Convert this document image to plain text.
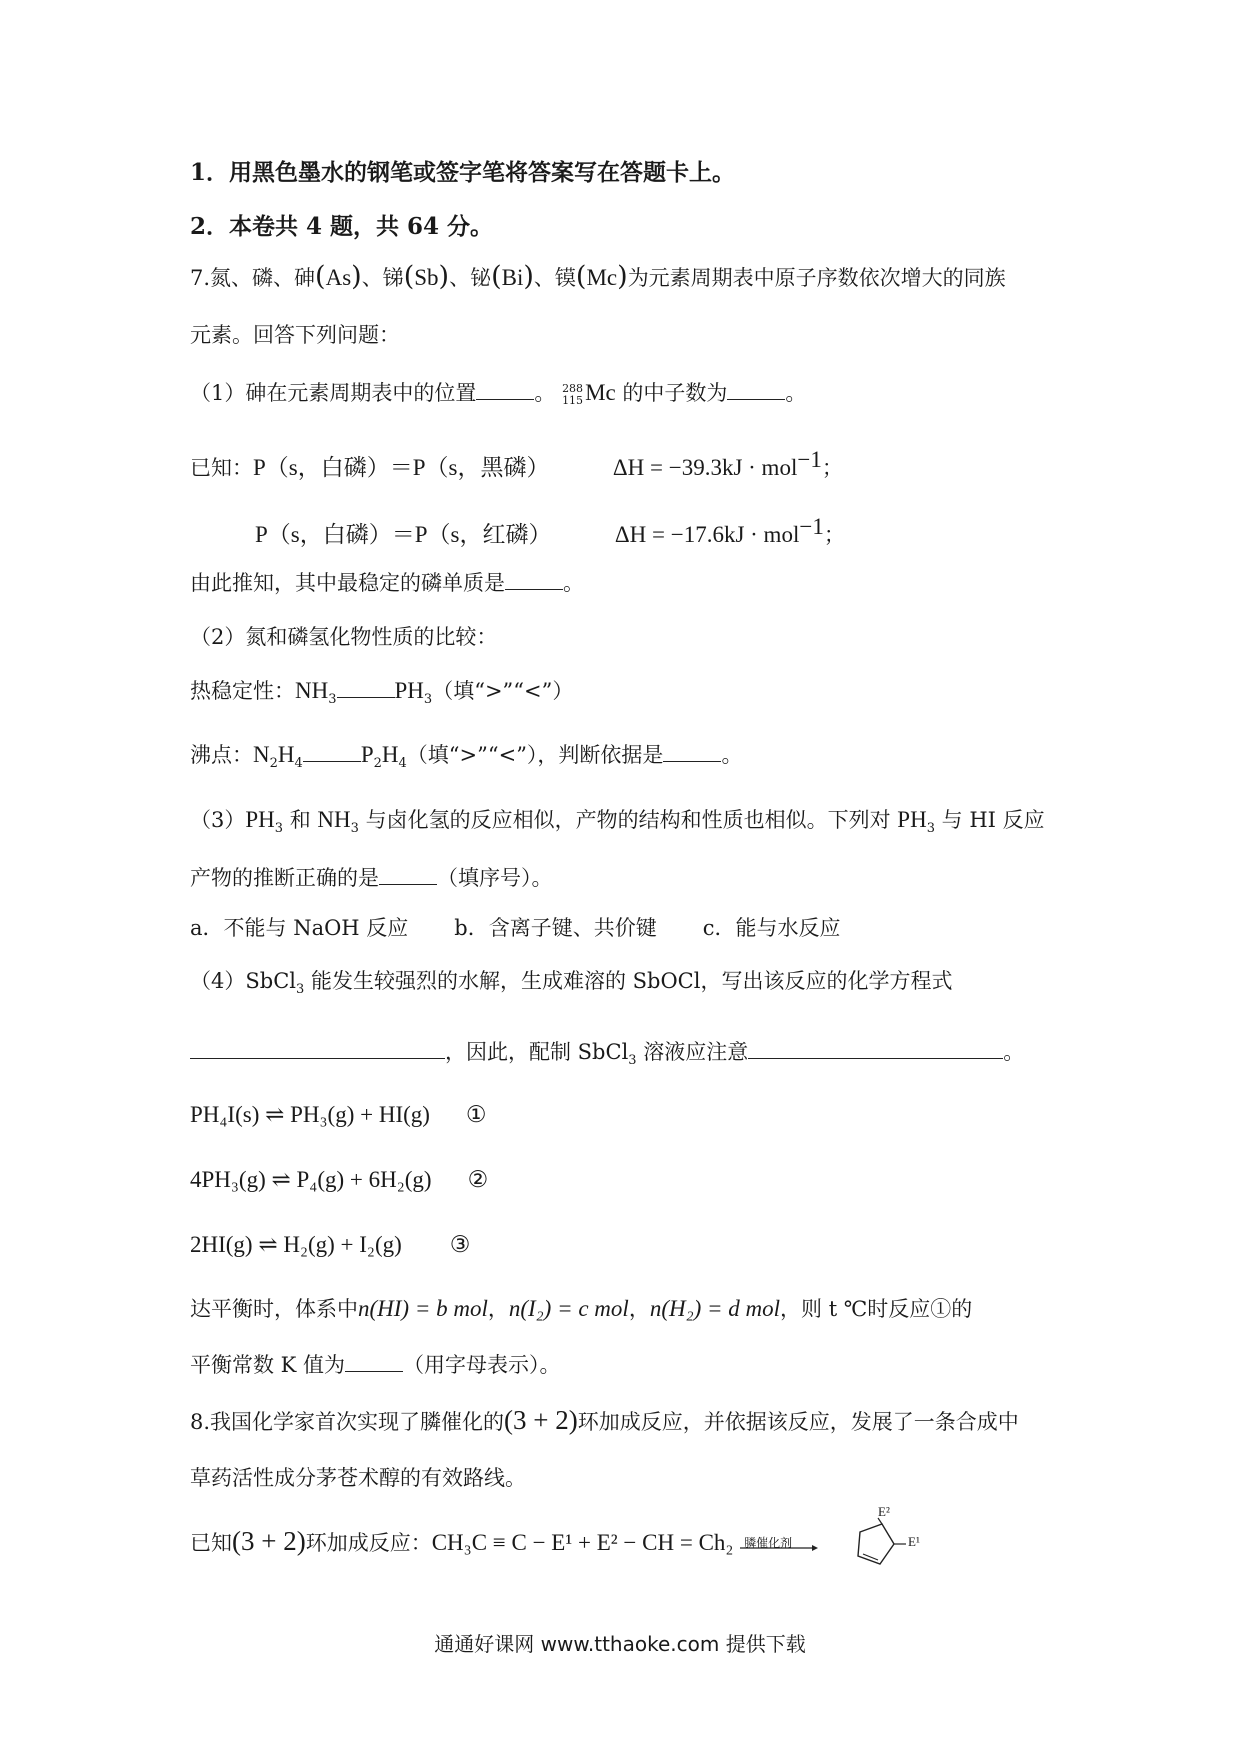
1．用黑色墨水的钢笔或签字笔将答案写在答题卡上。
2．本卷共 4 题，共 64 分。
7.氮、磷、砷(As)、锑(Sb)、铋(Bi)、镆(Mc)为元素周期表中原子序数依次增大的同族
元素。回答下列问题：
（1）砷在元素周期表中的位置	。 288
115 Mc 的中子数为	。
已知：P（s，白磷）＝P（s，黑磷）	ΔH = −39.3kJ · mol$^{-1}$；
P（s，白磷）＝P（s，红磷）	ΔH = −17.6kJ · mol$^{-1}$；
由此推知，其中最稳定的磷单质是	。
（2）氮和磷氢化物性质的比较：
热稳定性：$NH_3$	$PH_3$（填“>”“<”）
沸点：$N_2H_4$	$P_2H_4$（填“>”“<”），判断依据是	。
$(3)PH_3$ 和 $NH_3$ 与卤化氢的反应相似，产物的结构和性质也相似。下列对 $PH_3$ 与 HI 反应
产物的推断正确的是	（填序号）。
a．不能与 NaOH 反应 b．含离子键、共价键 c．能与水反应
（4）SbCl$_3$ 能发生较强烈的水解，生成难溶的 SbOCl，写出该反应的化学方程式
，因此，配制 SbCl$_3$ 溶液应注意	。
PH₄I(s) ⇌ PH₃(g) + HI(g) ①
4PH₃(g) ⇌ P₄(g) + 6H₂(g) ②
2HI(g) ⇌ H₂(g) + I₂(g) ③
达平衡时，体系中n(HI) = b mol，n(I₂) = c mol，n(H₂) = d mol，则 t ℃时反应①的
平衡常数 K 值为	（用字母表示）。
8.我国化学家首次实现了膦催化的(3 + 2)环加成反应，并依据该反应，发展了一条合成中
草药活性成分茅苍术醇的有效路线。
已知(3 + 2)环加成反应：CH₃C ≡ C − E¹ + E² − CH = Ch₂ 膦催化剂
E²
E¹
通通好课网 www.tthaoke.com 提供下载
